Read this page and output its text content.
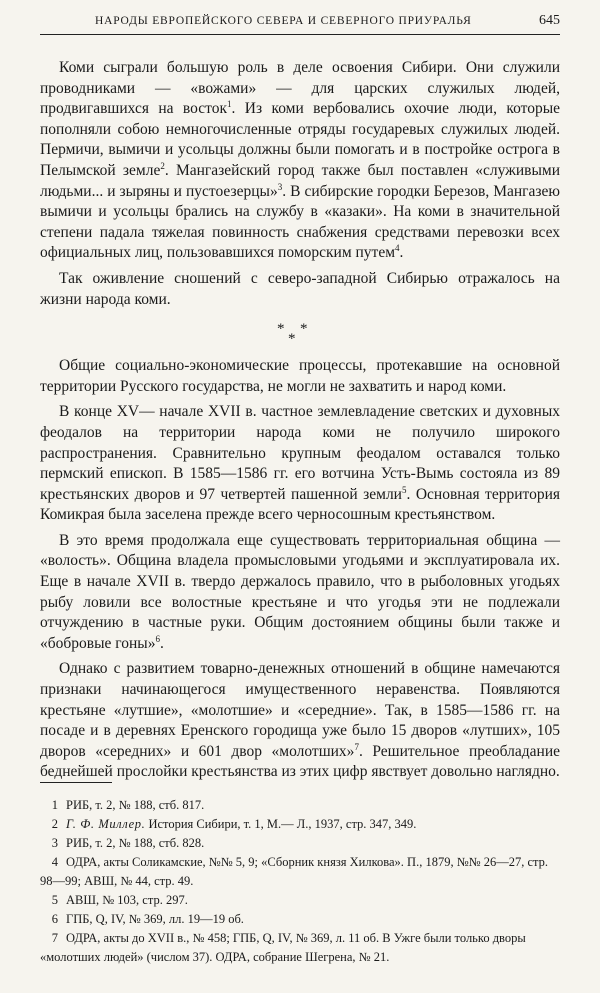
НАРОДЫ ЕВРОПЕЙСКОГО СЕВЕРА И СЕВЕРНОГО ПРИУРАЛЬЯ	645

Коми сыграли большую роль в деле освоения Сибири. Они служили проводниками — «вожами» — для царских служилых людей, продвигавшихся на восток$^1$. Из коми вербовались охочие люди, которые пополняли собою немногочисленные отряды государевых служилых людей. Пермичи, вымичи и усольцы должны были помогать и в постройке острога в Пелымской земле$^2$. Мангазейский город также был поставлен «служивыми людьми... и зыряны и пустоезерцы»$^3$. В сибирские городки Березов, Мангазею вымичи и усольцы брались на службу в «казаки». На коми в значительной степени падала тяжелая повинность снабжения средствами перевозки всех официальных лиц, пользовавшихся поморским путем$^4$.

Так оживление сношений с северо-западной Сибирью отражалось на жизни народа коми.

* *
*

Общие социально-экономические процессы, протекавшие на основной территории Русского государства, не могли не захватить и народ коми.

В конце XV— начале XVII в. частное землевладение светских и духовных феодалов на территории народа коми не получило широкого распространения. Сравнительно крупным феодалом оставался только пермский епископ. В 1585—1586 гг. его вотчина Усть-Вымь состояла из 89 крестьянских дворов и 97 четвертей пашенной земли$^5$. Основная территория Комикрая была заселена прежде всего черносошным крестьянством.

В это время продолжала еще существовать территориальная община — «волость». Община владела промысловыми угодьями и эксплуатировала их. Еще в начале XVII в. твердо держалось правило, что в рыболовных угодьях рыбу ловили все волостные крестьяне и что угодья эти не подлежали отчуждению в частные руки. Общим достоянием общины были также и «бобровые гоны»$^6$.

Однако с развитием товарно-денежных отношений в общине намечаются признаки начинающегося имущественного неравенства. Появляются крестьяне «лутшие», «молотшие» и «середние». Так, в 1585—1586 гг. на посаде и в деревнях Еренского городища уже было 15 дворов «лутших», 105 дворов «середних» и 601 двор «молотших»$^7$. Решительное преобладание беднейшей прослойки крестьянства из этих цифр явствует довольно наглядно.

1 РИБ, т. 2, № 188, стб. 817.

2 Г. Ф. Миллер. История Сибири, т. 1, М.— Л., 1937, стр. 347, 349.

3 РИБ, т. 2, № 188, стб. 828.

4 ОДРА, акты Соликамские, №№ 5, 9; «Сборник князя Хилкова». П., 1879, №№ 26—27, стр. 98—99; АВШ, № 44, стр. 49.

5 АВШ, № 103, стр. 297.

6 ГПБ, Q, IV, № 369, лл. 19—19 об.

7 ОДРА, акты до XVII в., № 458; ГПБ, Q, IV, № 369, л. 11 об. В Ужге были только дворы «молотших людей» (числом 37). ОДРА, собрание Шегрена, № 21.
